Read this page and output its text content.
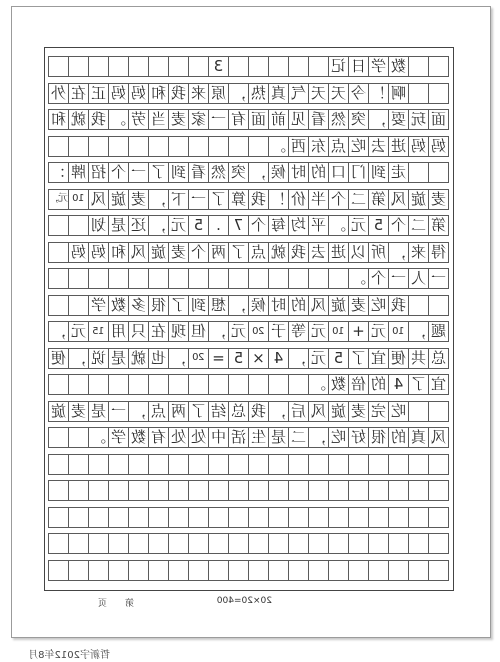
数
学
日
记
3
啊
！
今
天
天
气
真
热
，
原
来
我
和
妈
妈
正
在
外
面
玩
耍
，
突
然
看
见
前
面
有
一
家
麦
当
劳
。
我
就
和
妈
妈
进
去
吃
点
东
西
。
走
到
门
口
的
时
候
，
突
然
看
到
了
一
个
招
牌
：
麦
旋
风
第
二
个
半
价
！
我
算
了
一
下
，
麦
旋
风
10
元，
第
二
个
5
元
。
平
均
每
个
7
.
5
元
，
还
是
划
得
来
，
所
以
进
去
我
就
点
了
两
个
麦
旋
风
和
妈
妈
一
人
一
个
。
我
吃
麦
旋
风
的
时
候
，
想
到
了
很
多
数
学
题
，
10
元
+
10
元
等
于
20
元
，
但
现
在
只
用
15
元
，
总
共
便
宜
了
5
元
，
4
×
5
=
20
，
也
就
是
说
，
便
宜
了
4
的
倍
数
。
吃
完
麦
旋
风
后
，
我
总
结
了
两
点
，
一
是
麦
旋
风
真
的
很
好
吃
，
二
是
生
活
中
处
处
有
数
学
。
20×20=400
第　　页
哲新宇2012年8月
